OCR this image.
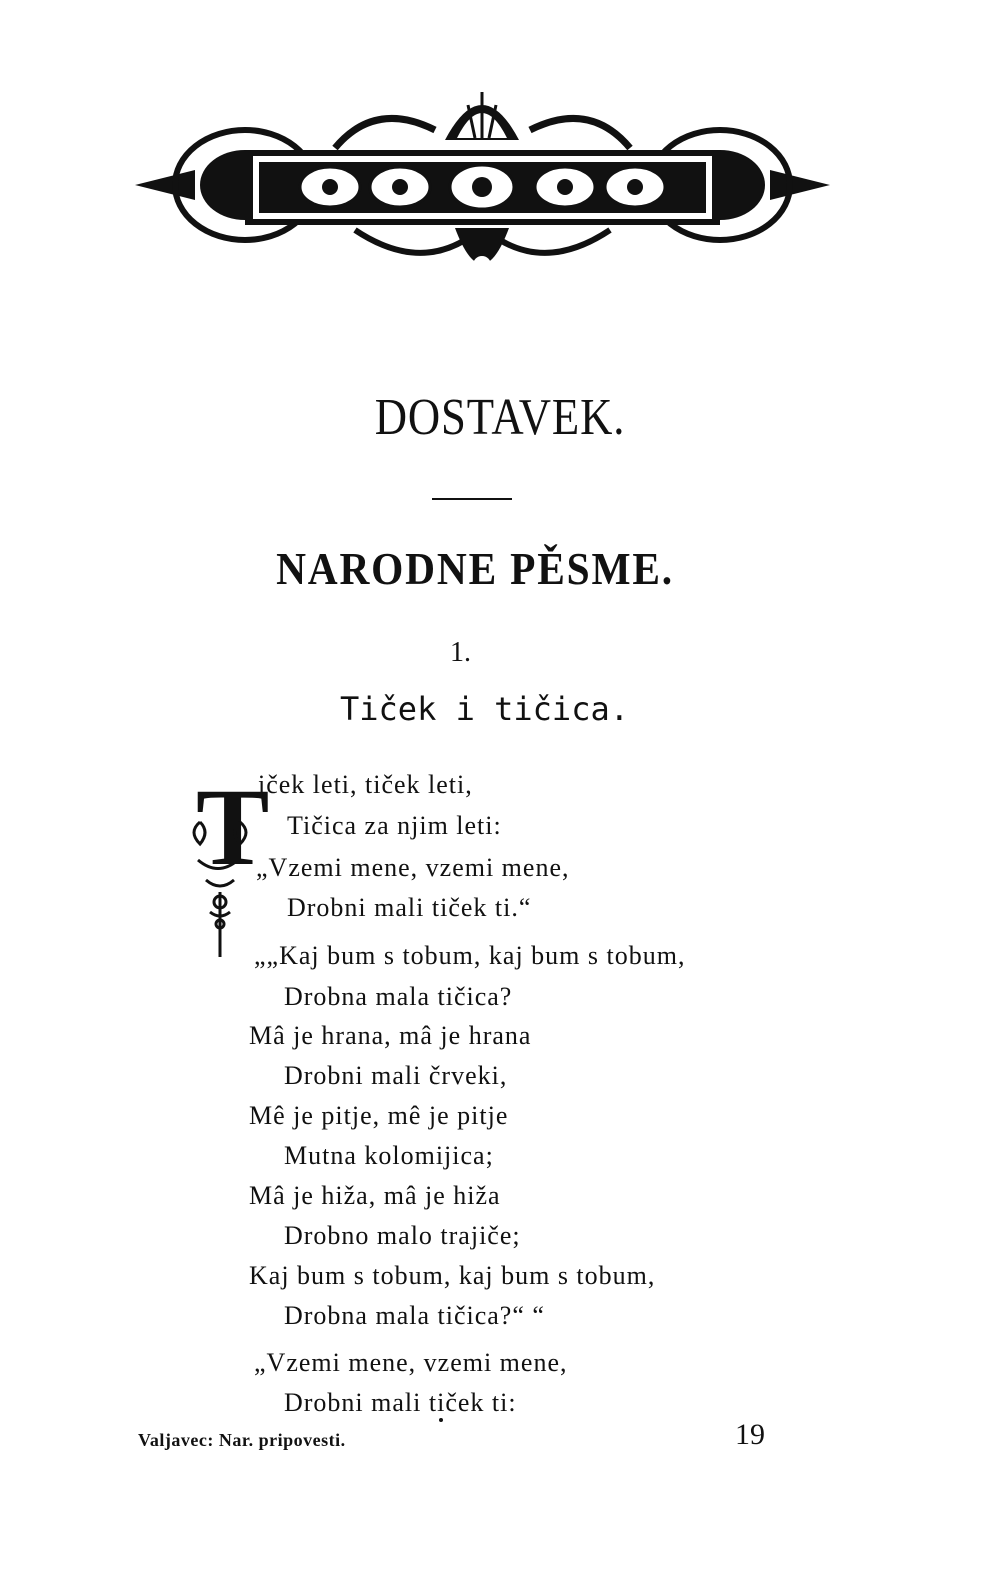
DOSTAVEK.
NARODNE PĚSME.
1.
Tiček i tičica.
T

iček leti, tiček leti,

Tičica za njim leti:

„Vzemi mene, vzemi mene,

Drobni mali tiček ti.“

„„Kaj bum s tobum, kaj bum s tobum,

Drobna mala tičica?

Mâ je hrana, mâ je hrana

Drobni mali črveki,

Mê je pitje, mê je pitje

Mutna kolomijica;

Mâ je hiža, mâ je hiža

Drobno malo trajiče;

Kaj bum s tobum, kaj bum s tobum,

Drobna mala tičica?“ “

„Vzemi mene, vzemi mene,

Drobni mali tiček ti:

Valjavec: Nar. pripovesti.	19
